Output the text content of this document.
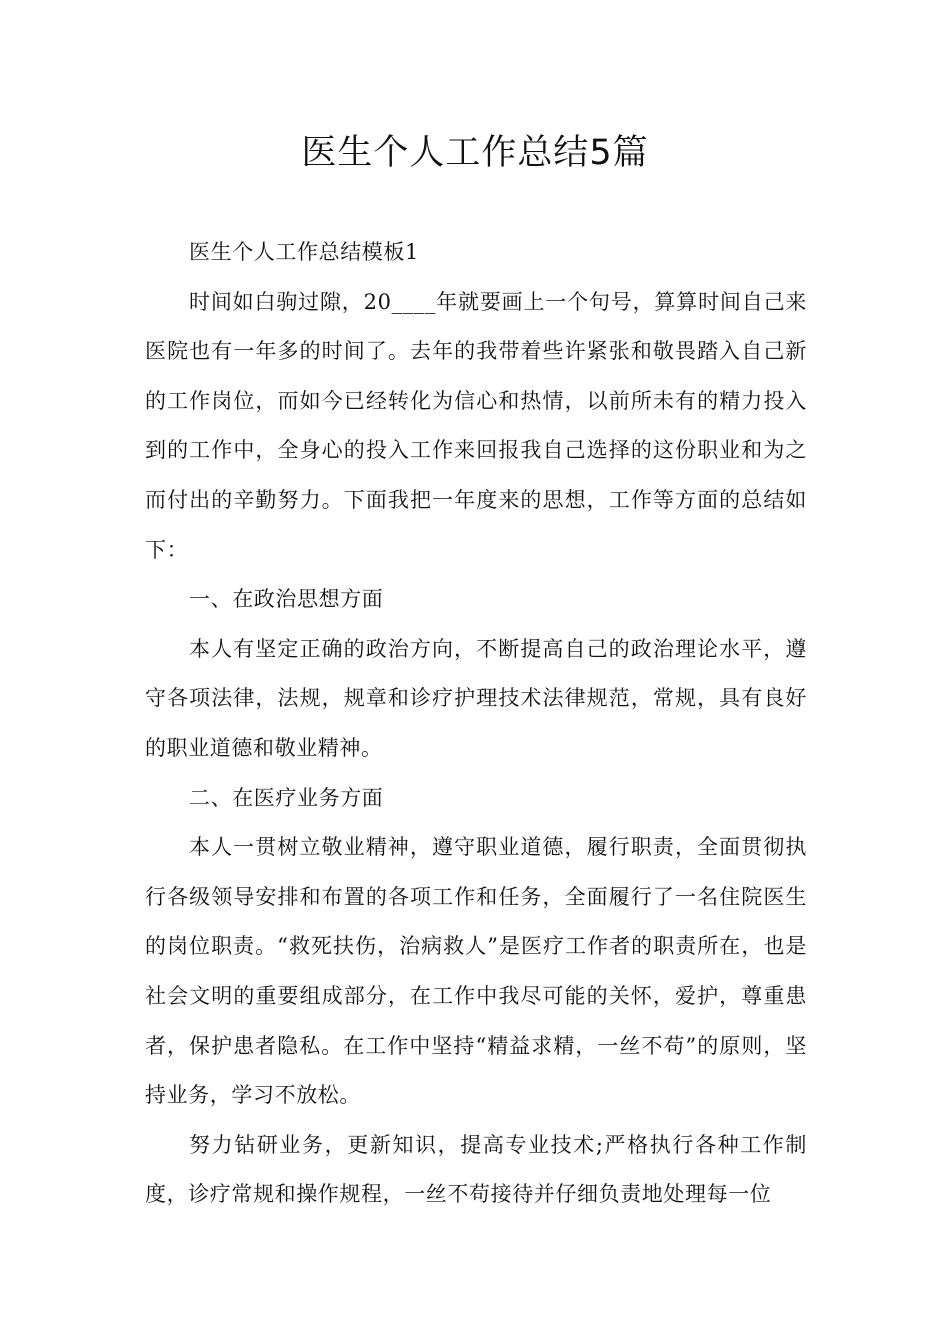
医生个人工作总结5篇

医生个人工作总结模板1

时间如白驹过隙，20____年就要画上一个句号，算算时间自己来医院也有一年多的时间了。去年的我带着些许紧张和敬畏踏入自己新的工作岗位，而如今已经转化为信心和热情，以前所未有的精力投入到的工作中，全身心的投入工作来回报我自己选择的这份职业和为之而付出的辛勤努力。下面我把一年度来的思想，工作等方面的总结如下：

一、在政治思想方面

本人有坚定正确的政治方向，不断提高自己的政治理论水平，遵守各项法律，法规，规章和诊疗护理技术法律规范，常规，具有良好的职业道德和敬业精神。

二、在医疗业务方面

本人一贯树立敬业精神，遵守职业道德，履行职责，全面贯彻执行各级领导安排和布置的各项工作和任务，全面履行了一名住院医生的岗位职责。“救死扶伤，治病救人”是医疗工作者的职责所在，也是社会文明的重要组成部分，在工作中我尽可能的关怀，爱护，尊重患者，保护患者隐私。在工作中坚持“精益求精，一丝不苟”的原则，坚持业务，学习不放松。

努力钻研业务，更新知识，提高专业技术;严格执行各种工作制度，诊疗常规和操作规程，一丝不苟接待并仔细负责地处理每一位
